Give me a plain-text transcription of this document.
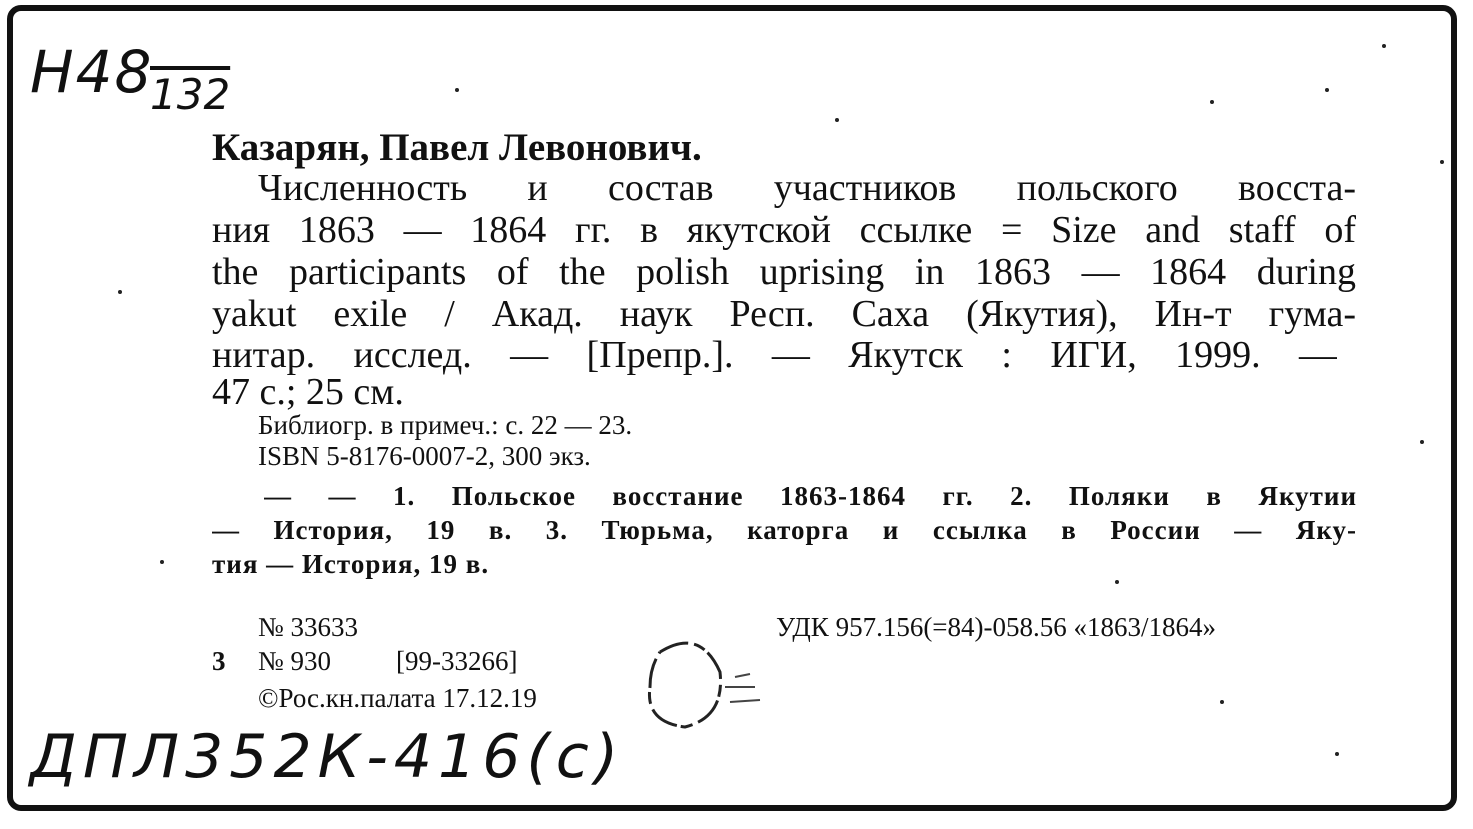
Н48
132
Казарян, Павел Левонович.
Численность и состав участников польского восста-
ния 1863 — 1864 гг. в якутской ссылке = Size and staff of
the participants of the polish uprising in 1863 — 1864 during
yakut exile / Акад. наук Респ. Саха (Якутия), Ин-т гума-
нитар. исслед. — [Препр.]. — Якутск : ИГИ, 1999. —
47 с.; 25 см.
Библиогр. в примеч.: с. 22 — 23.
ISBN 5-8176-0007-2, 300 экз.
— — 1. Польское восстание 1863-1864 гг. 2. Поляки в Якутии
— История, 19 в. 3. Тюрьма, каторга и ссылка в России — Яку-
тия — История, 19 в.
№ 33633
3 № 930 [99-33266]
©Рос.кн.палата 17.12.19
УДК 957.156(=84)-058.56 «1863/1864»
ДПЛ352К-416(с)
